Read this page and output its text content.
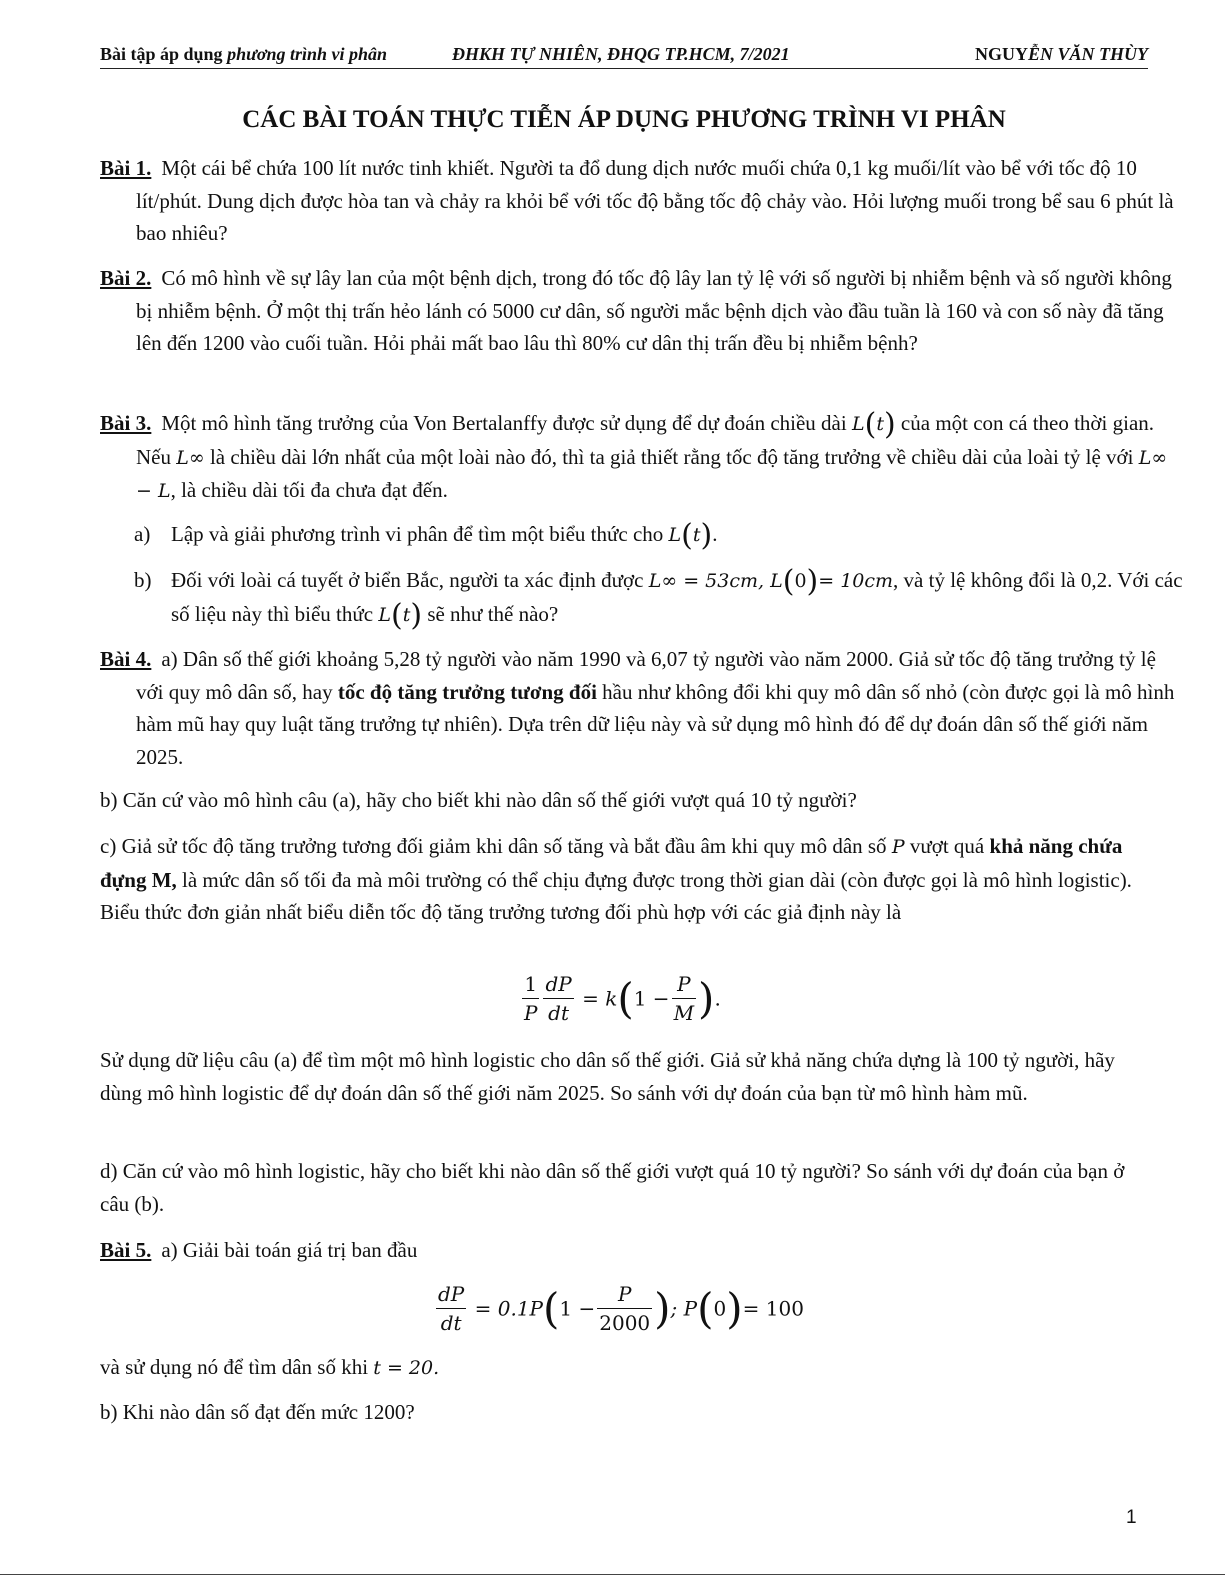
Bài tập áp dụng phương trình vi phân	ĐHKH TỰ NHIÊN, ĐHQG TP.HCM, 7/2021	NGUYỄN VĂN THÙY
CÁC BÀI TOÁN THỰC TIỄN ÁP DỤNG PHƯƠNG TRÌNH VI PHÂN
Bài 1. Một cái bể chứa 100 lít nước tinh khiết. Người ta đổ dung dịch nước muối chứa 0,1 kg muối/lít vào bể với tốc độ 10 lít/phút. Dung dịch được hòa tan và chảy ra khỏi bể với tốc độ bằng tốc độ chảy vào. Hỏi lượng muối trong bể sau 6 phút là bao nhiêu?
Bài 2. Có mô hình về sự lây lan của một bệnh dịch, trong đó tốc độ lây lan tỷ lệ với số người bị nhiễm bệnh và số người không bị nhiễm bệnh. Ở một thị trấn hẻo lánh có 5000 cư dân, số người mắc bệnh dịch vào đầu tuần là 160 và con số này đã tăng lên đến 1200 vào cuối tuần. Hỏi phải mất bao lâu thì 80% cư dân thị trấn đều bị nhiễm bệnh?
Bài 3. Một mô hình tăng trưởng của Von Bertalanffy được sử dụng để dự đoán chiều dài L(t) của một con cá theo thời gian. Nếu L∞ là chiều dài lớn nhất của một loài nào đó, thì ta giả thiết rằng tốc độ tăng trưởng về chiều dài của loài tỷ lệ với L∞ − L, là chiều dài tối đa chưa đạt đến.
a) Lập và giải phương trình vi phân để tìm một biểu thức cho L(t).
b) Đối với loài cá tuyết ở biển Bắc, người ta xác định được L∞ = 53cm, L(0)= 10cm, và tỷ lệ không đổi là 0,2. Với các số liệu này thì biểu thức L(t) sẽ như thế nào?
Bài 4. a) Dân số thế giới khoảng 5,28 tỷ người vào năm 1990 và 6,07 tỷ người vào năm 2000. Giả sử tốc độ tăng trưởng tỷ lệ với quy mô dân số, hay tốc độ tăng trưởng tương đối hầu như không đổi khi quy mô dân số nhỏ (còn được gọi là mô hình hàm mũ hay quy luật tăng trưởng tự nhiên). Dựa trên dữ liệu này và sử dụng mô hình đó để dự đoán dân số thế giới năm 2025.
b) Căn cứ vào mô hình câu (a), hãy cho biết khi nào dân số thế giới vượt quá 10 tỷ người?
c) Giả sử tốc độ tăng trưởng tương đối giảm khi dân số tăng và bắt đầu âm khi quy mô dân số P vượt quá khả năng chứa đựng M, là mức dân số tối đa mà môi trường có thể chịu đựng được trong thời gian dài (còn được gọi là mô hình logistic). Biểu thức đơn giản nhất biểu diễn tốc độ tăng trưởng tương đối phù hợp với các giả định này là
$\frac{1}{P} \frac{dP}{dt} = k(1 - \frac{P}{M}$ ).
Sử dụng dữ liệu câu (a) để tìm một mô hình logistic cho dân số thế giới. Giả sử khả năng chứa dựng là 100 tỷ người, hãy dùng mô hình logistic để dự đoán dân số thế giới năm 2025. So sánh với dự đoán của bạn từ mô hình hàm mũ.
d) Căn cứ vào mô hình logistic, hãy cho biết khi nào dân số thế giới vượt quá 10 tỷ người? So sánh với dự đoán của bạn ở câu (b).
Bài 5. a) Giải bài toán giá trị ban đầu
$\frac{dP}{dt} = 0.1P(1 - \frac{P}{2000}$ ); P(0)= 100
và sử dụng nó để tìm dân số khi t = 20.
b) Khi nào dân số đạt đến mức 1200?
1
